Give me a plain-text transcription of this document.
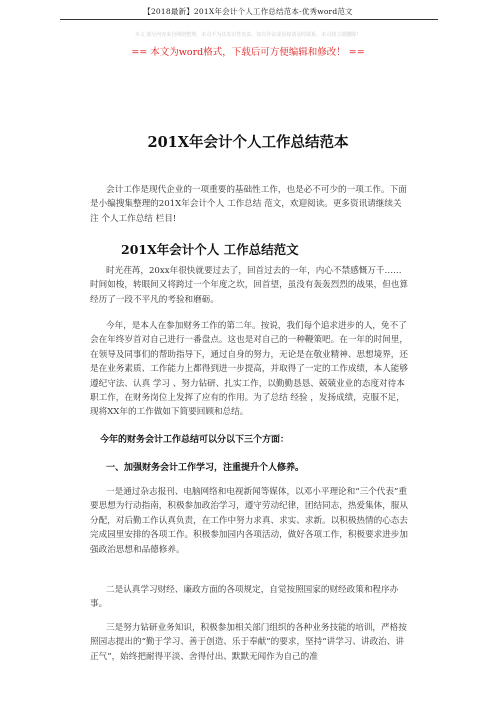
【2018最新】201X年会计个人工作总结范本-优秀word范文
本文 部分内容来自网络整理，本司不为其真实性负责，如有异议或侵权请及时联系，本司将立即删除！
== 本文为word格式，下载后可方便编辑和修改！ ==
201X年会计个人工作总结范本

会计工作是现代企业的一项重要的基础性工作，也是必不可少的一项工作。下面是小编搜集整理的201X年会计个人 工作总结 范文，欢迎阅读。更多资讯请继续关注 个人工作总结 栏目!

201X年会计个人 工作总结范文

时光荏苒，20xx年很快就要过去了，回首过去的一年，内心不禁感慨万千……时间如梭，转眼间又将跨过一个年度之坎，回首望，虽没有轰轰烈烈的战果，但也算经历了一段不平凡的考验和磨砺。

今年，是本人在参加财务工作的第二年。按说，我们每个追求进步的人，免不了会在年终岁首对自己进行一番盘点。这也是对自己的一种鞭策吧。在一年的时间里，在领导及同事们的帮助指导下，通过自身的努力，无论是在敬业精神、思想境界，还是在业务素质、工作能力上都得到进一步提高，并取得了一定的工作成绩，本人能够遵纪守法、认真 学习 、努力钻研、扎实工作，以勤勤恳恳、兢兢业业的态度对待本职工作，在财务岗位上发挥了应有的作用。为了总结 经验 ，发扬成绩，克服不足，现将XX年的工作做如下简要回顾和总结。

今年的财务会计工作总结可以分以下三个方面：
一、加强财务会计工作学习，注重提升个人修养。

一是通过杂志报刊、电脑网络和电视新闻等媒体，以邓小平理论和“三个代表”重要思想为行动指南，积极参加政治学习，遵守劳动纪律，团结同志，热爱集体，服从分配，对后勤工作认真负责，在工作中努力求真、求实、求新。以积极热情的心态去完成园里安排的各项工作。积极参加园内各项活动，做好各项工作，积极要求进步加强政治思想和品德修养。

二是认真学习财经、廉政方面的各项规定，自觉按照国家的财经政策和程序办事。

三是努力钻研业务知识，积极参加相关部门组织的各种业务技能的培训，严格按照园志提出的“勤于学习、善于创造、乐于奉献”的要求，坚持“讲学习、讲政治、讲正气”，始终把耐得平淡、舍得付出、默默无闻作为自己的准
